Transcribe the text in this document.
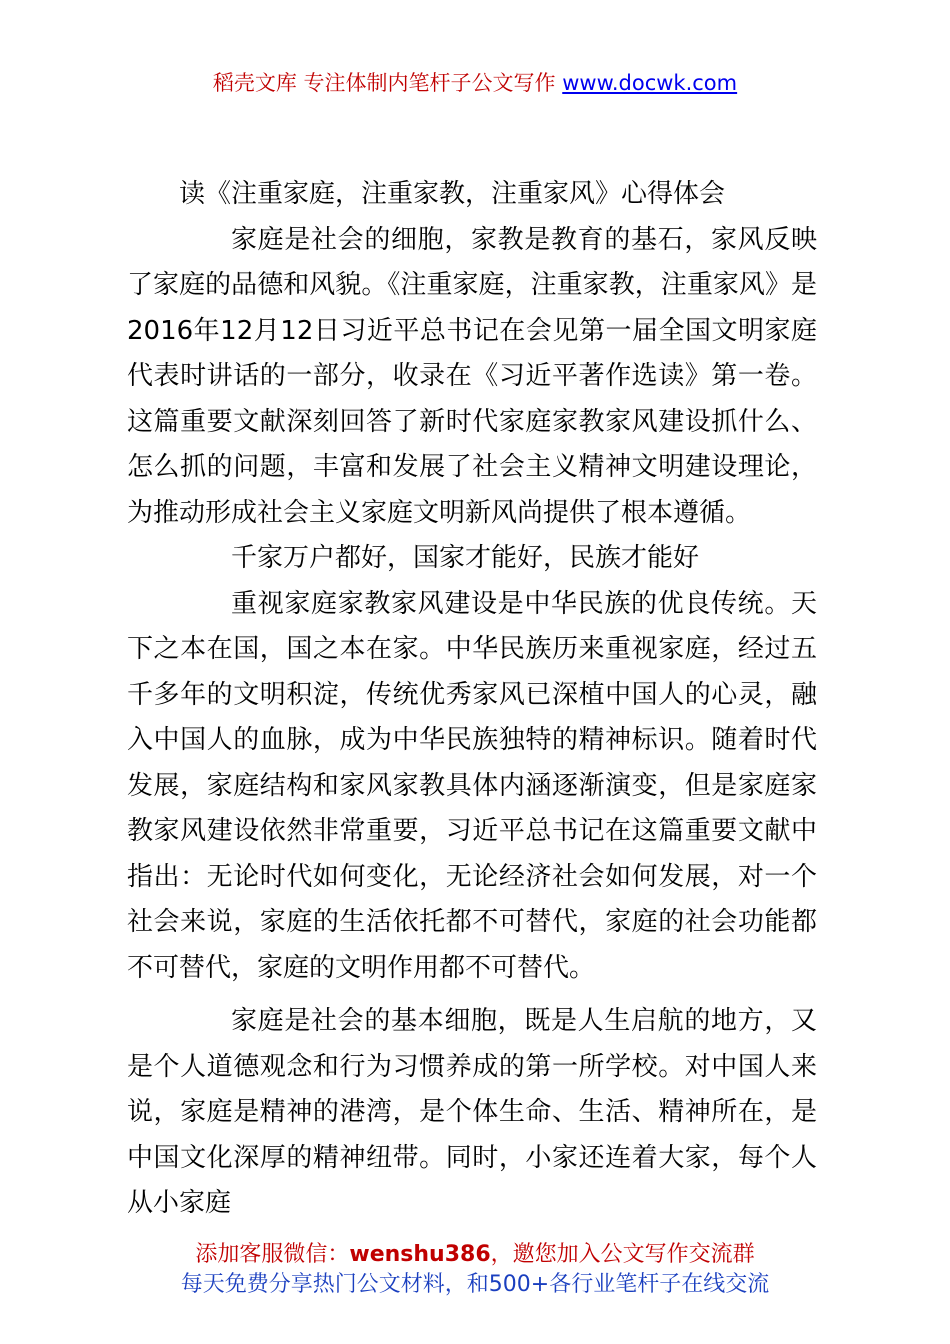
稻壳文库 专注体制内笔杆子公文写作 www.docwk.com

读《注重家庭，注重家教，注重家风》心得体会

家庭是社会的细胞，家教是教育的基石，家风反映了家庭的品德和风貌。《注重家庭，注重家教，注重家风》是2016年12月12日习近平总书记在会见第一届全国文明家庭代表时讲话的一部分，收录在《习近平著作选读》第一卷。这篇重要文献深刻回答了新时代家庭家教家风建设抓什么、怎么抓的问题，丰富和发展了社会主义精神文明建设理论，为推动形成社会主义家庭文明新风尚提供了根本遵循。

千家万户都好，国家才能好，民族才能好

重视家庭家教家风建设是中华民族的优良传统。天下之本在国，国之本在家。中华民族历来重视家庭，经过五千多年的文明积淀，传统优秀家风已深植中国人的心灵，融入中国人的血脉，成为中华民族独特的精神标识。随着时代发展，家庭结构和家风家教具体内涵逐渐演变，但是家庭家教家风建设依然非常重要，习近平总书记在这篇重要文献中指出：无论时代如何变化，无论经济社会如何发展，对一个社会来说，家庭的生活依托都不可替代，家庭的社会功能都不可替代，家庭的文明作用都不可替代。

家庭是社会的基本细胞，既是人生启航的地方，又是个人道德观念和行为习惯养成的第一所学校。对中国人来说，家庭是精神的港湾，是个体生命、生活、精神所在，是中国文化深厚的精神纽带。同时，小家还连着大家，每个人从小家庭

添加客服微信：wenshu386，邀您加入公文写作交流群
每天免费分享热门公文材料，和500+各行业笔杆子在线交流
